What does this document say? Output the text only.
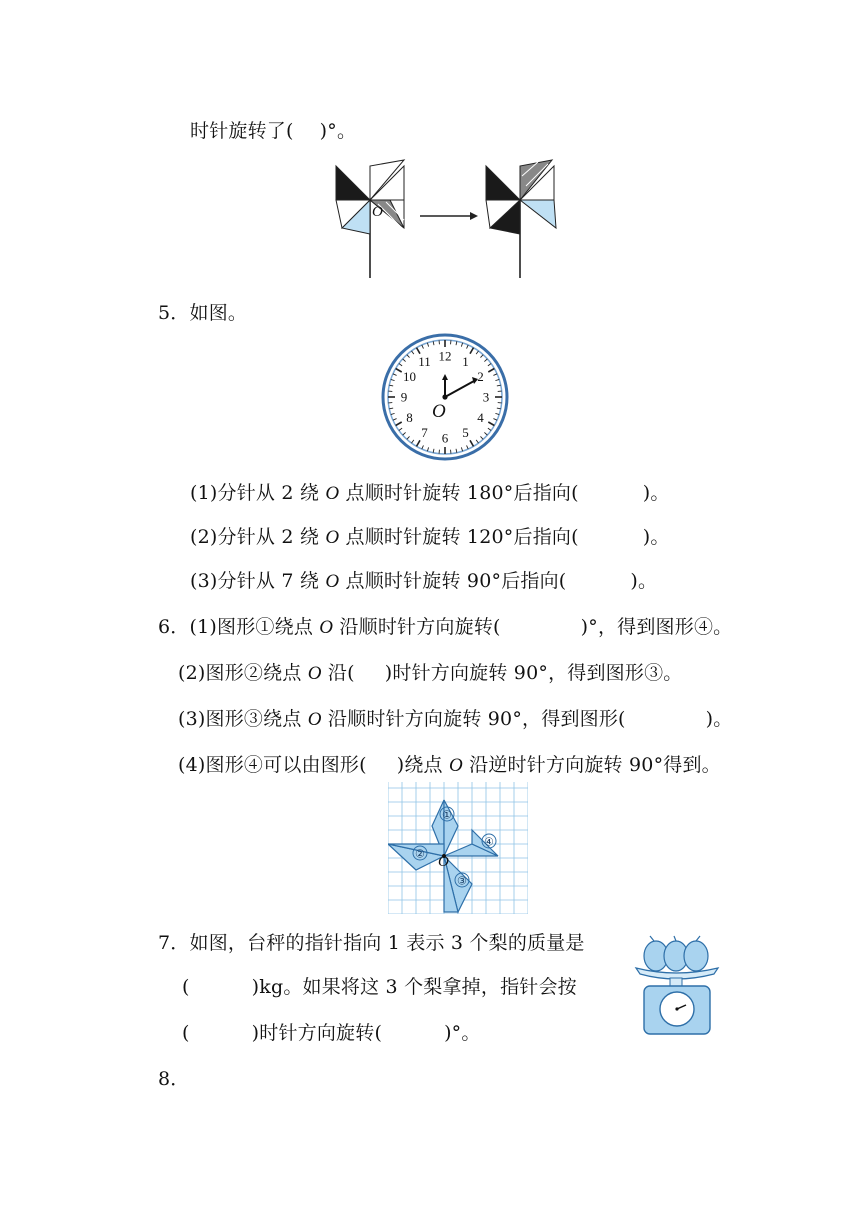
时针旋转了( )°。
O
5．如图。
12 1
2
3
4
5
6
7
8
9
10
11
O
(1)分针从 2 绕 O 点顺时针旋转 180°后指向(	)。
(2)分针从 2 绕 O 点顺时针旋转 120°后指向(	)。
(3)分针从 7 绕 O 点顺时针旋转 90°后指向(	)。
6．(1)图形①绕点 O 沿顺时针方向旋转(	)°，得到图形④。
(2)图形②绕点 O 沿( )时针方向旋转 90°，得到图形③。
(3)图形③绕点 O 沿顺时针方向旋转 90°，得到图形(	)。
(4)图形④可以由图形( )绕点 O 沿逆时针方向旋转 90°得到。
①
④
②
③
O
7．如图，台秤的指针指向 1 表示 3 个梨的质量是
(	)kg。如果将这 3 个梨拿掉，指针会按
(	)时针方向旋转(	)°。
8．
